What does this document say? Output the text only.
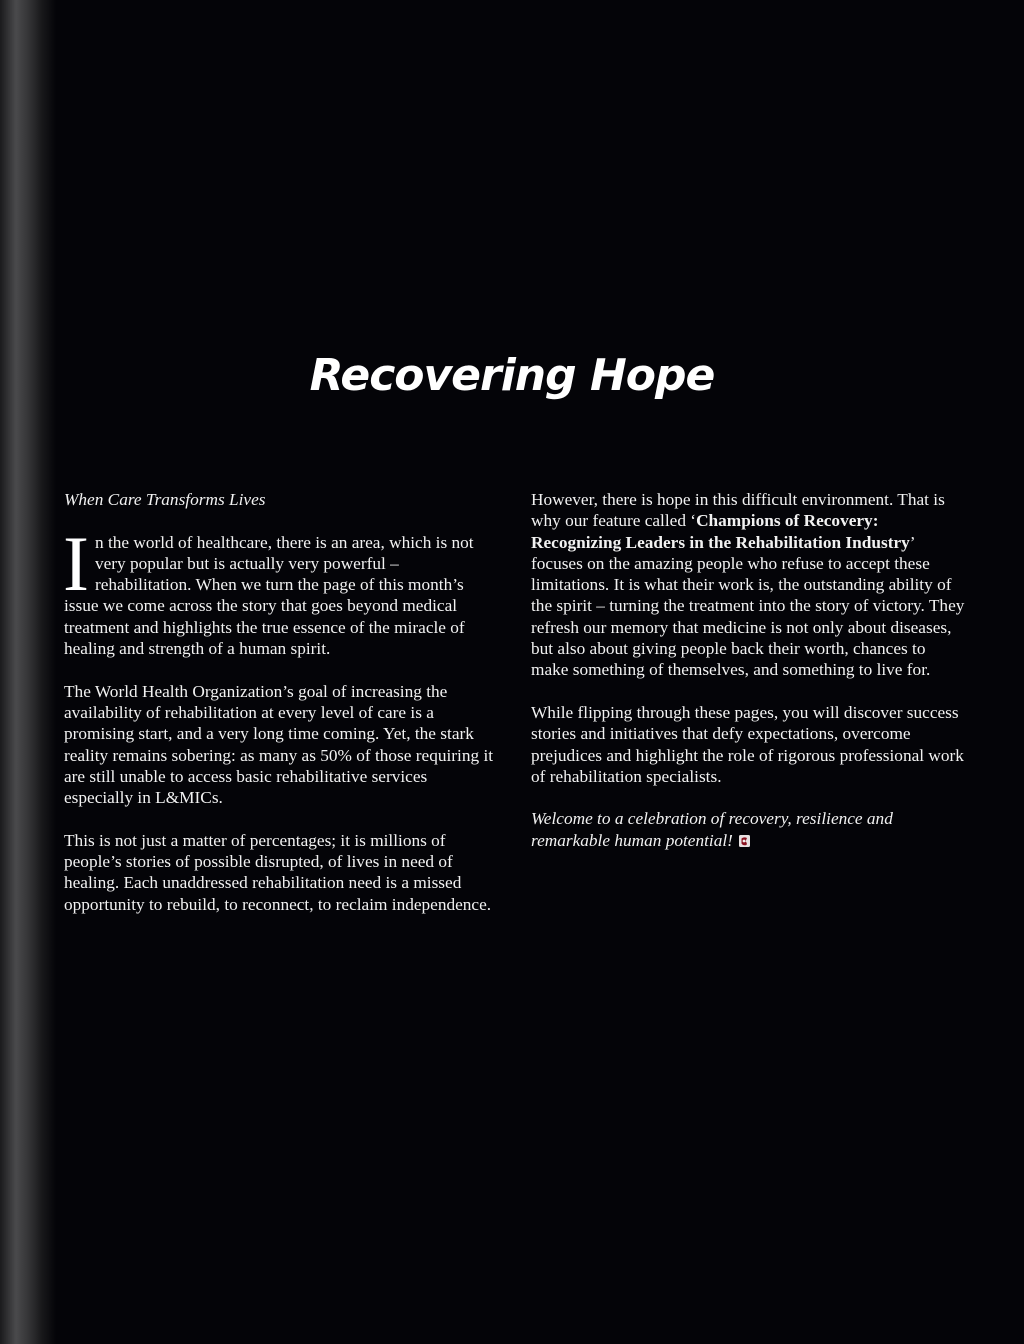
Recovering Hope

When Care Transforms Lives

In the world of healthcare, there is an area, which is not very popular but is actually very powerful – rehabilitation. When we turn the page of this month’s issue we come across the story that goes beyond medical treatment and highlights the true essence of the miracle of healing and strength of a human spirit.

The World Health Organization’s goal of increasing the availability of rehabilitation at every level of care is a promising start, and a very long time coming. Yet, the stark reality remains sobering: as many as 50% of those requiring it are still unable to access basic rehabilitative services especially in L&MICs.

This is not just a matter of percentages; it is millions of people’s stories of possible disrupted, of lives in need of healing. Each unaddressed rehabilitation need is a missed opportunity to rebuild, to reconnect, to reclaim independence.

However, there is hope in this difficult environment. That is why our feature called ‘Champions of Recovery: Recognizing Leaders in the Rehabilitation Industry’ focuses on the amazing people who refuse to accept these limitations. It is what their work is, the outstanding ability of the spirit – turning the treatment into the story of victory. They refresh our memory that medicine is not only about diseases, but also about giving people back their worth, chances to make something of themselves, and something to live for.

While flipping through these pages, you will discover success stories and initiatives that defy expectations, overcome prejudices and highlight the role of rigorous professional work of rehabilitation specialists.

Welcome to a celebration of recovery, resilience and remarkable human potential!
